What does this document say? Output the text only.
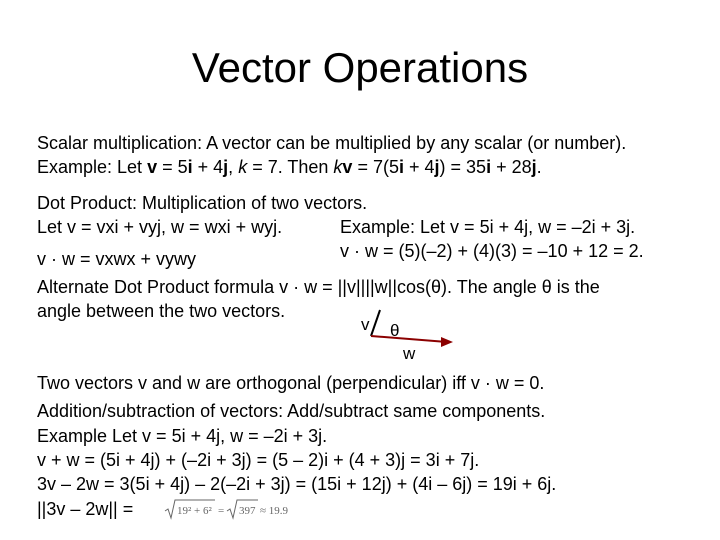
Vector Operations
Scalar multiplication: A vector can be multiplied by any scalar (or number).
Example: Let v = 5i + 4j, k = 7. Then kv = 7(5i + 4j) = 35i + 28j.
Dot Product: Multiplication of two vectors.
Let v = vxi + vyj, w = wxi + wyj.	Example: Let v = 5i + 4j, w = –2i + 3j.
v · w = vxwx + vywy	v · w = (5)(–2) + (4)(3) = –10 + 12 = 2.
Alternate Dot Product formula v · w = ||v||||w||cos(θ). The angle θ is the
angle between the two vectors.
v θ
w
Two vectors v and w are orthogonal (perpendicular) iff v · w = 0.
Addition/subtraction of vectors: Add/subtract same components.
Example Let v = 5i + 4j, w = –2i + 3j.
v + w = (5i + 4j) + (–2i + 3j) = (5 – 2)i + (4 + 3)j = 3i + 7j.
3v – 2w = 3(5i + 4j) – 2(–2i + 3j) = (15i + 12j) + (4i – 6j) = 19i + 6j.
||3v – 2w|| =	19² + 6² = 397 ≈ 19.9
